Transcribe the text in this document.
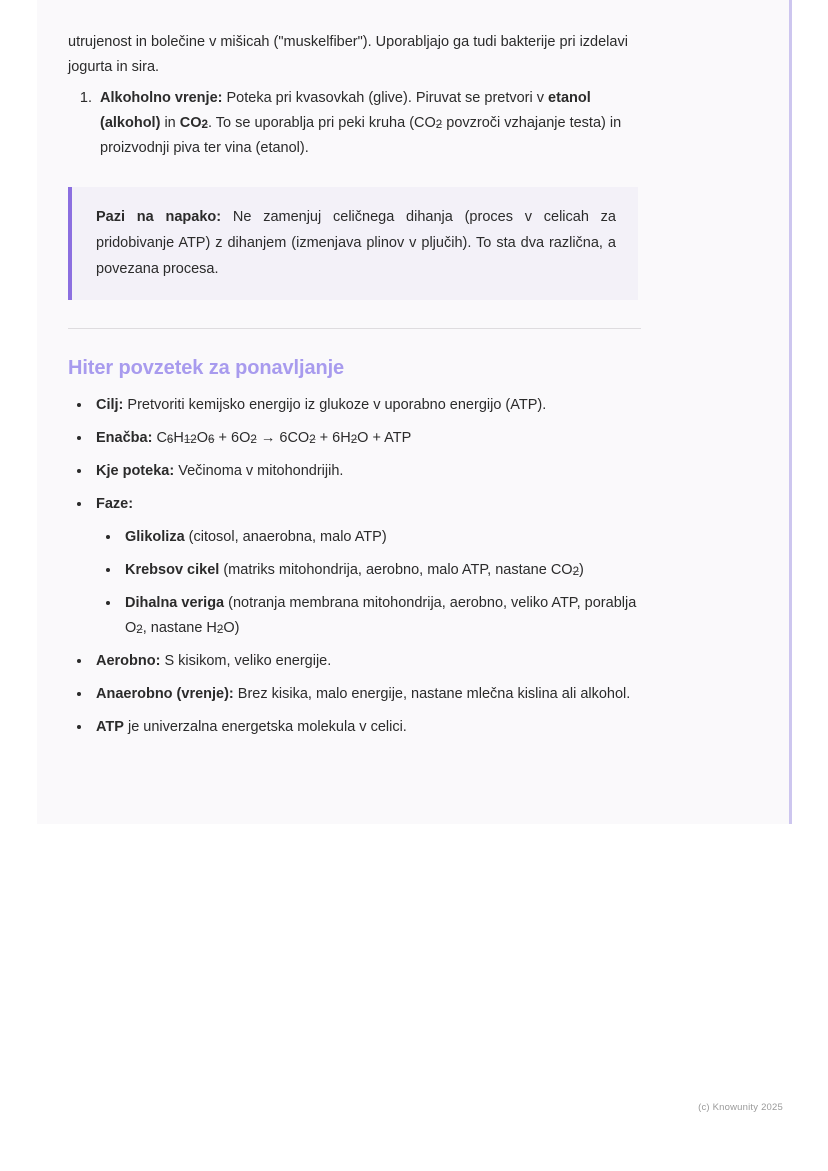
utrujenost in bolečine v mišicah ("muskelfiber"). Uporabljajo ga tudi bakterije pri izdelavi jogurta in sira.

1. Alkoholno vrenje: Poteka pri kvasovkah (glive). Piruvat se pretvori v etanol (alkohol) in CO2. To se uporablja pri peki kruha (CO2 povzroči vzhajanje testa) in proizvodnji piva ter vina (etanol).

Pazi na napako: Ne zamenjuj celičnega dihanja (proces v celicah za pridobivanje ATP) z dihanjem (izmenjava plinov v pljučih). To sta dva različna, a povezana procesa.

Hiter povzetek za ponavljanje
• Cilj: Pretvoriti kemijsko energijo iz glukoze v uporabno energijo (ATP).
• Enačba: C6H12O6 + 6O2 → 6CO2 + 6H2O + ATP
• Kje poteka: Večinoma v mitohondrijih.
• Faze:
• Glikoliza (citosol, anaerobna, malo ATP)
• Krebsov cikel (matriks mitohondrija, aerobno, malo ATP, nastane CO2)
• Dihalna veriga (notranja membrana mitohondrija, aerobno, veliko ATP, porablja O2, nastane H2O)
• Aerobno: S kisikom, veliko energije.
• Anaerobno (vrenje): Brez kisika, malo energije, nastane mlečna kislina ali alkohol.
• ATP je univerzalna energetska molekula v celici.
(c) Knowunity 2025
